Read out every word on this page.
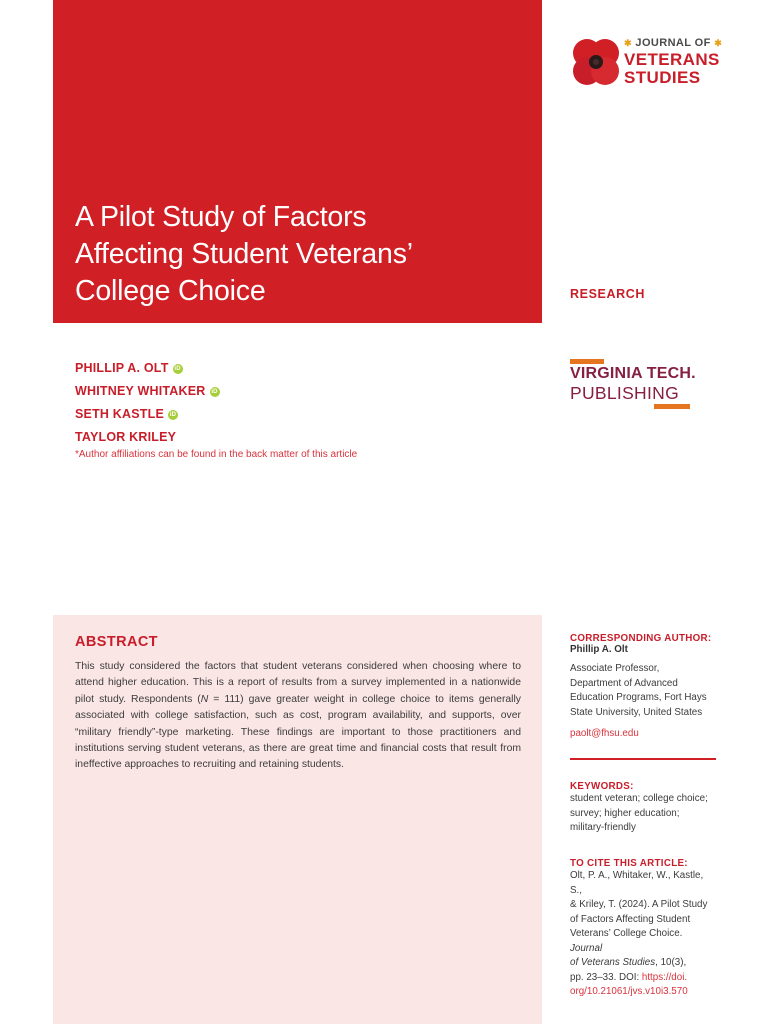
A Pilot Study of Factors
Affecting Student Veterans’
College Choice
✱ JOURNAL OF ✱
VETERANS
STUDIES
RESEARCH
PHILLIP A. OLT iD
WHITNEY WHITAKER iD
SETH KASTLE iD
TAYLOR KRILEY
*Author affiliations can be found in the back matter of this article
VIRGINIA TECH.
PUBLISHING
ABSTRACT

This study considered the factors that student veterans considered when choosing where to attend higher education. This is a report of results from a survey implemented in a nationwide pilot study. Respondents (N = 111) gave greater weight in college choice to items generally associated with college satisfaction, such as cost, program availability, and supports, over “military friendly”-type marketing. These findings are important to those practitioners and institutions serving student veterans, as there are great time and financial costs that result from ineffective approaches to recruiting and retaining students.

CORRESPONDING AUTHOR:
Phillip A. Olt
Associate Professor,
Department of Advanced
Education Programs, Fort Hays
State University, United States
paolt@fhsu.edu
KEYWORDS:
student veteran; college choice;
survey; higher education;
military-friendly
TO CITE THIS ARTICLE:
Olt, P. A., Whitaker, W., Kastle, S.,
& Kriley, T. (2024). A Pilot Study
of Factors Affecting Student
Veterans’ College Choice. Journal
of Veterans Studies, 10(3),
pp. 23–33. DOI: https://doi.
org/10.21061/jvs.v10i3.570
